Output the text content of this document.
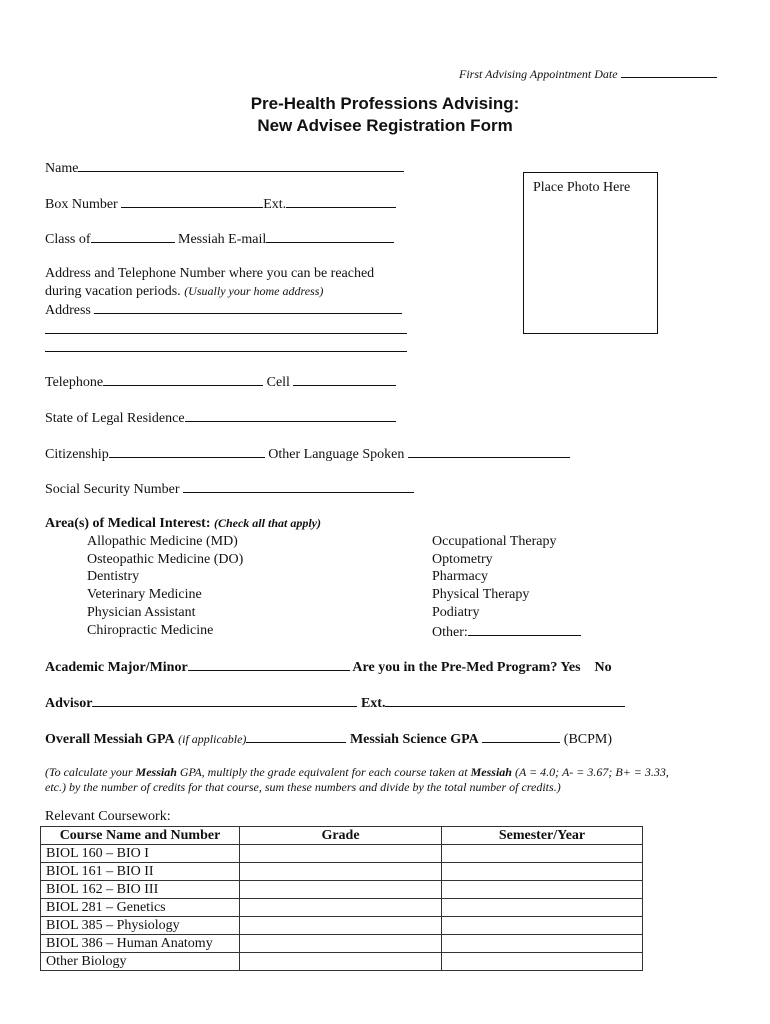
First Advising Appointment Date
Pre-Health Professions Advising:
New Advisee Registration Form
Place Photo Here
Name
Box Number	Ext.
Class of	Messiah E-mail
Address and Telephone Number where you can be reached
during vacation periods. (Usually your home address)
Address
Telephone	Cell
State of Legal Residence
Citizenship	Other Language Spoken
Social Security Number
Area(s) of Medical Interest: (Check all that apply)
Allopathic Medicine (MD)
Osteopathic Medicine (DO)
Dentistry
Veterinary Medicine
Physician Assistant
Chiropractic Medicine
Occupational Therapy
Optometry
Pharmacy
Physical Therapy
Podiatry
Other:
Academic Major/Minor	Are you in the Pre-Med Program? Yes No
Advisor	Ext.
Overall Messiah GPA (if applicable)	Messiah Science GPA	(BCPM)
(To calculate your Messiah GPA, multiply the grade equivalent for each course taken at Messiah (A = 4.0; A- = 3.67; B+ = 3.33,
etc.) by the number of credits for that course, sum these numbers and divide by the total number of credits.)
Relevant Coursework:
Course Name and Number	Grade	Semester/Year
BIOL 160 – BIO I		
BIOL 161 – BIO II		
BIOL 162 – BIO III		
BIOL 281 – Genetics		
BIOL 385 – Physiology		
BIOL 386 – Human Anatomy		
Other Biology		
